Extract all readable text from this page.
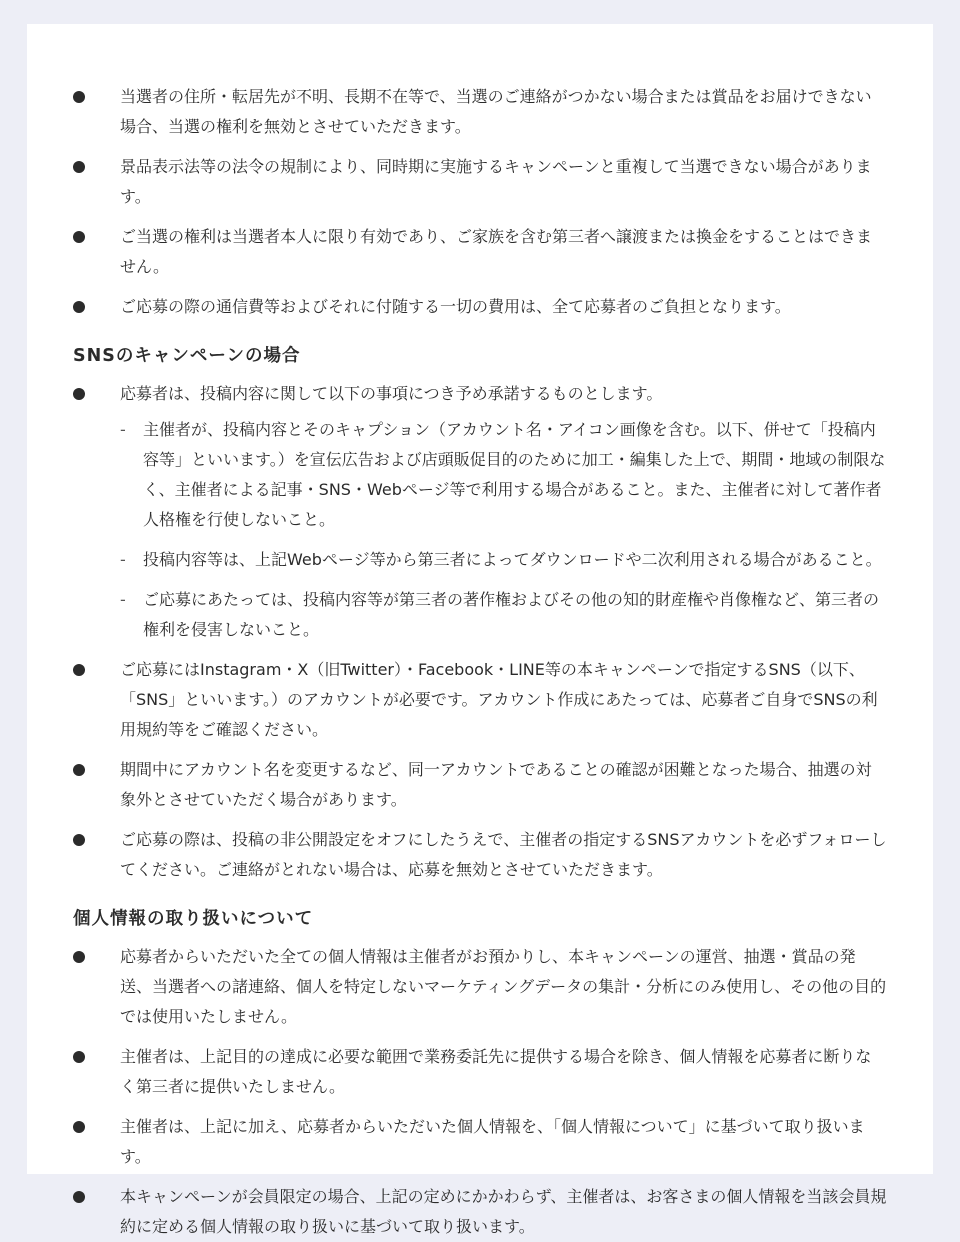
当選者の住所・転居先が不明、長期不在等で、当選のご連絡がつかない場合または賞品をお届けできない場合、当選の権利を無効とさせていただきます。
景品表示法等の法令の規制により、同時期に実施するキャンペーンと重複して当選できない場合があります。
ご当選の権利は当選者本人に限り有効であり、ご家族を含む第三者へ譲渡または換金をすることはできません。
ご応募の際の通信費等およびそれに付随する一切の費用は、全て応募者のご負担となります。
SNSのキャンペーンの場合
応募者は、投稿内容に関して以下の事項につき予め承諾するものとします。
- 主催者が、投稿内容とそのキャプション（アカウント名・アイコン画像を含む。以下、併せて「投稿内容等」といいます。）を宣伝広告および店頭販促目的のために加工・編集した上で、期間・地域の制限なく、主催者による記事・SNS・Webページ等で利用する場合があること。また、主催者に対して著作者人格権を行使しないこと。
- 投稿内容等は、上記Webページ等から第三者によってダウンロードや二次利用される場合があること。
- ご応募にあたっては、投稿内容等が第三者の著作権およびその他の知的財産権や肖像権など、第三者の権利を侵害しないこと。
ご応募にはInstagram・X（旧Twitter）・Facebook・LINE等の本キャンペーンで指定するSNS（以下、「SNS」といいます。）のアカウントが必要です。アカウント作成にあたっては、応募者ご自身でSNSの利用規約等をご確認ください。
期間中にアカウント名を変更するなど、同一アカウントであることの確認が困難となった場合、抽選の対象外とさせていただく場合があります。
ご応募の際は、投稿の非公開設定をオフにしたうえで、主催者の指定するSNSアカウントを必ずフォローしてください。ご連絡がとれない場合は、応募を無効とさせていただきます。
個人情報の取り扱いについて
応募者からいただいた全ての個人情報は主催者がお預かりし、本キャンペーンの運営、抽選・賞品の発送、当選者への諸連絡、個人を特定しないマーケティングデータの集計・分析にのみ使用し、その他の目的では使用いたしません。
主催者は、上記目的の達成に必要な範囲で業務委託先に提供する場合を除き、個人情報を応募者に断りなく第三者に提供いたしません。
主催者は、上記に加え、応募者からいただいた個人情報を、「個人情報について」に基づいて取り扱います。
本キャンペーンが会員限定の場合、上記の定めにかかわらず、主催者は、お客さまの個人情報を当該会員規約に定める個人情報の取り扱いに基づいて取り扱います。
